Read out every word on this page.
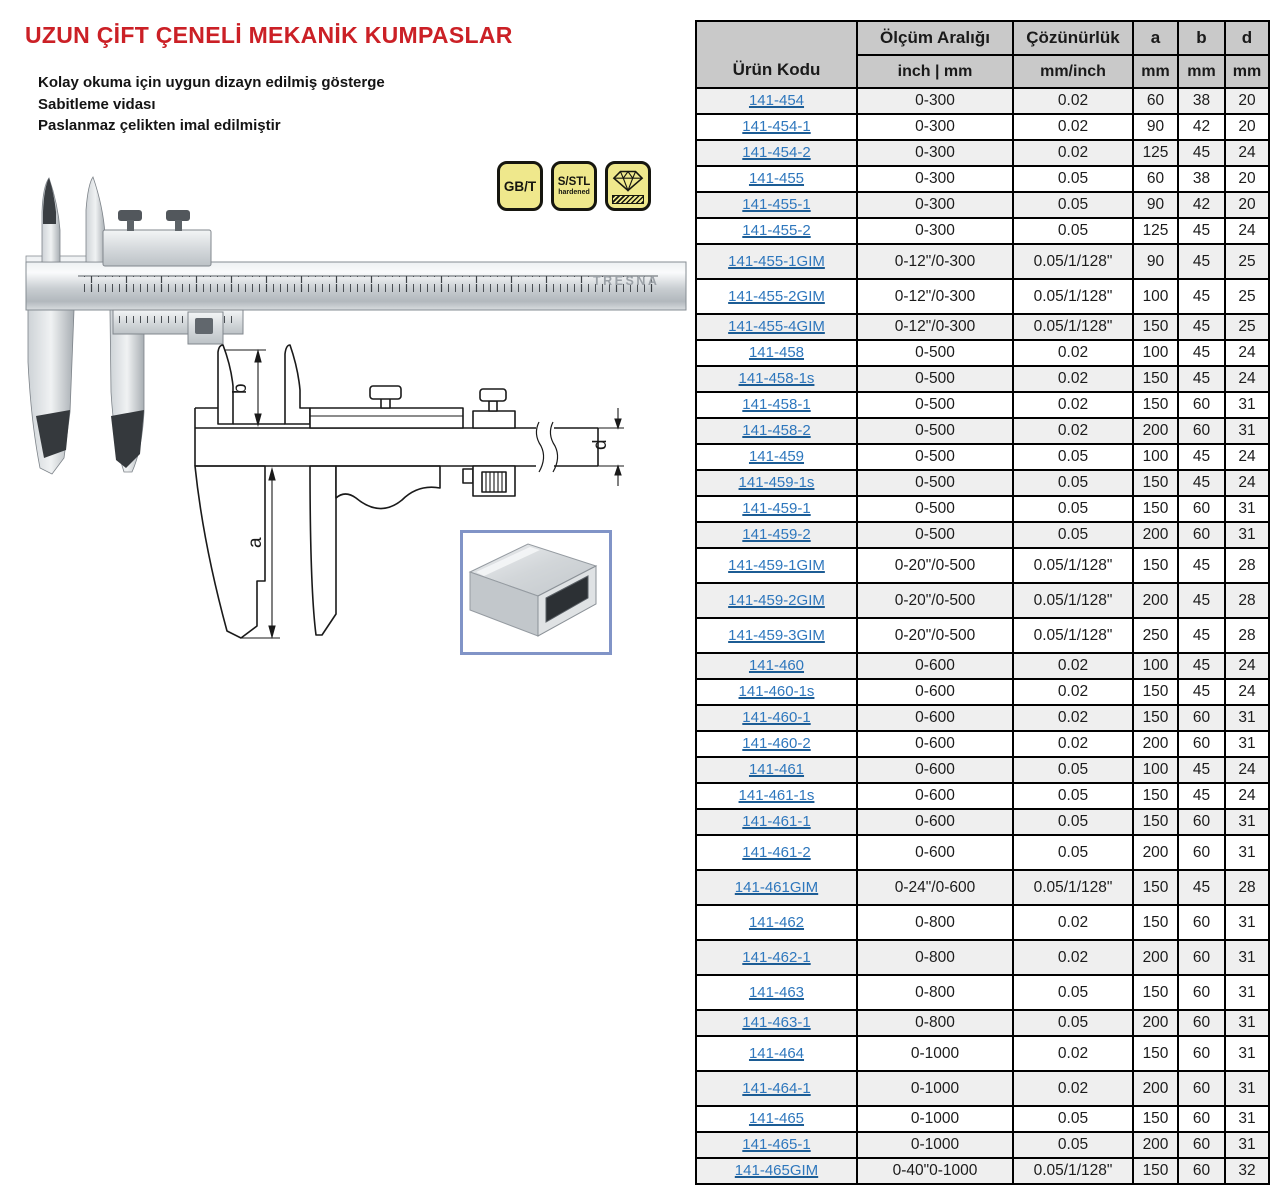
UZUN ÇİFT ÇENELİ MEKANİK KUMPASLAR
Kolay okuma için uygun dizayn edilmiş gösterge
Sabitleme vidası
Paslanmaz çelikten imal edilmiştir
GB/T S/STL
hardened
TRESNA
b
a
d
Ürün Kodu	Ölçüm Aralığı	Çözünürlük	a	b	d
	inch | mm	mm/inch	mm	mm	mm
141-454	0-300	0.02	60	38	20
141-454-1	0-300	0.02	90	42	20
141-454-2	0-300	0.02	125	45	24
141-455	0-300	0.05	60	38	20
141-455-1	0-300	0.05	90	42	20
141-455-2	0-300	0.05	125	45	24
141-455-1GIM	0-12"/0-300	0.05/1/128"	90	45	25
141-455-2GIM	0-12"/0-300	0.05/1/128"	100	45	25
141-455-4GIM	0-12"/0-300	0.05/1/128"	150	45	25
141-458	0-500	0.02	100	45	24
141-458-1s	0-500	0.02	150	45	24
141-458-1	0-500	0.02	150	60	31
141-458-2	0-500	0.02	200	60	31
141-459	0-500	0.05	100	45	24
141-459-1s	0-500	0.05	150	45	24
141-459-1	0-500	0.05	150	60	31
141-459-2	0-500	0.05	200	60	31
141-459-1GIM	0-20"/0-500	0.05/1/128"	150	45	28
141-459-2GIM	0-20"/0-500	0.05/1/128"	200	45	28
141-459-3GIM	0-20"/0-500	0.05/1/128"	250	45	28
141-460	0-600	0.02	100	45	24
141-460-1s	0-600	0.02	150	45	24
141-460-1	0-600	0.02	150	60	31
141-460-2	0-600	0.02	200	60	31
141-461	0-600	0.05	100	45	24
141-461-1s	0-600	0.05	150	45	24
141-461-1	0-600	0.05	150	60	31
141-461-2	0-600	0.05	200	60	31
141-461GIM	0-24"/0-600	0.05/1/128"	150	45	28
141-462	0-800	0.02	150	60	31
141-462-1	0-800	0.02	200	60	31
141-463	0-800	0.05	150	60	31
141-463-1	0-800	0.05	200	60	31
141-464	0-1000	0.02	150	60	31
141-464-1	0-1000	0.02	200	60	31
141-465	0-1000	0.05	150	60	31
141-465-1	0-1000	0.05	200	60	31
141-465GIM	0-40"0-1000	0.05/1/128"	150	60	32
